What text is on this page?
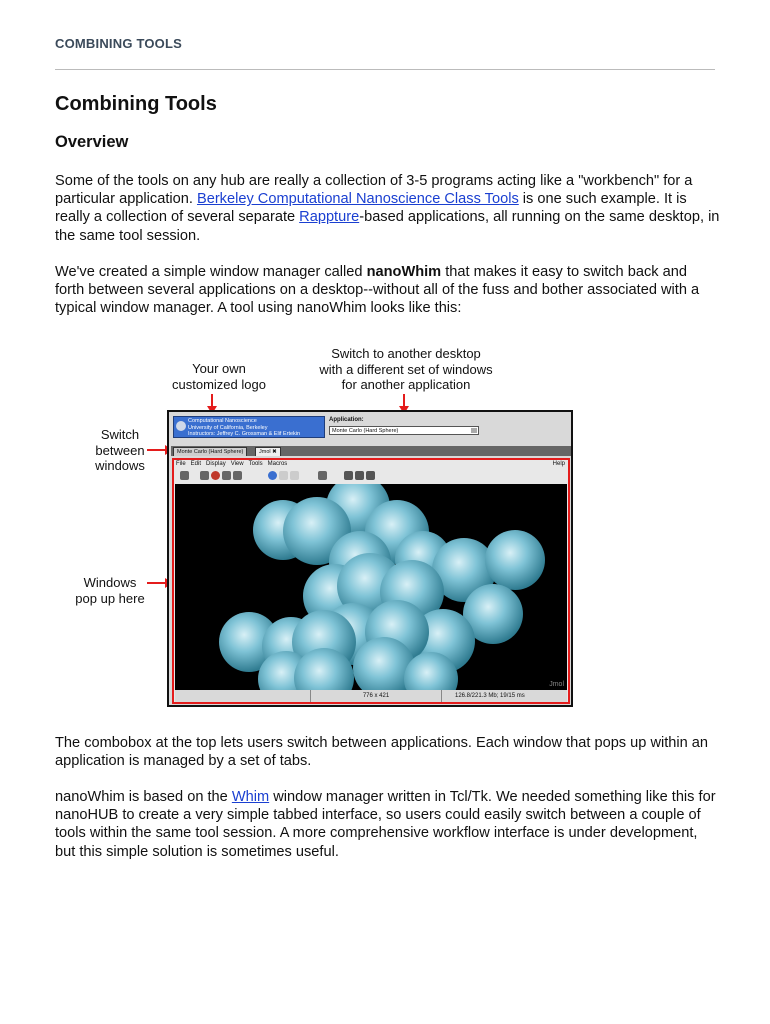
COMBINING TOOLS
Combining Tools
Overview

Some of the tools on any hub are really a collection of 3-5 programs acting like a "workbench" for a particular application. Berkeley Computational Nanoscience Class Tools is one such example. It is really a collection of several separate Rappture-based applications, all running on the same desktop, in the same tool session.

We've created a simple window manager called nanoWhim that makes it easy to switch back and forth between several applications on a desktop--without all of the fuss and bother associated with a typical window manager. A tool using nanoWhim looks like this:

Your own
customized logo
Switch to another desktop
with a different set of windows
for another application
Switch
between
windows
Windows
pop up here
Computational Nanoscience
University of California, Berkeley
Instructors: Jeffrey C. Grossman & Elif Ertekin
Application:
Monte Carlo (Hard Sphere)
Monte Carlo (Hard Sphere)	Jmol ✖
File Edit Display View Tools Macros	Help
Jmol
776 x 421	126.8/221.3 Mb; 19/15 ms

The combobox at the top lets users switch between applications. Each window that pops up within an application is managed by a set of tabs.

nanoWhim is based on the Whim window manager written in Tcl/Tk. We needed something like this for nanoHUB to create a very simple tabbed interface, so users could easily switch between a couple of tools within the same tool session. A more comprehensive workflow interface is under development, but this simple solution is sometimes useful.
